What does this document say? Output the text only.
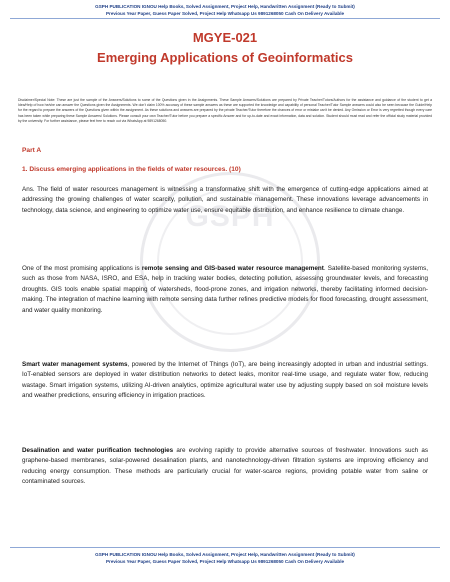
GSPH PUBLICATION IGNOU Help Books, Solved Assignment, Project Help, Handwritten Assignment (Ready to Submit)
Previous Year Paper, Guess Paper Solved, Project Help Whatsapp Us 9891268050 Cash On Delivery Available
GSPH
MGYE-021
Emerging Applications of Geoinformatics
Disclaimer/Special Note: These are just the sample of the Answers/Solutions to some of the Questions given in the Assignments. These Sample Answers/Solutions are prepared by Private Teacher/Tutors/Authors for the assistance and guidance of the student to get a Idea/Help of how he/she can answer the Questions given the Assignments. We don't claim 100% accuracy of these sample answers as these are supported the knowledge and capability of personal Teacher/Tutor Sample answers could also be seen because the Guide/Help for the regard to prepare the answers of the Questions given within the assignment. As these solutions and answers are prepared by the private Teacher/Tutor therefore the chances of error or mistake can't be denied. Any Omission or Error is very regretted though every care has been taken while preparing these Sample Answers/ Solutions. Please consult your own Teacher/Tutor before you prepare a specific Answer and for up-to-date and exact information, data and solution. Student should must read and refer the official study material provided by the university. For further assistance, please feel free to reach out via WhatsApp at 9891268050.
Part A
1. Discuss emerging applications in the fields of water resources. (10)
Ans. The field of water resources management is witnessing a transformative shift with the emergence of cutting-edge applications aimed at addressing the growing challenges of water scarcity, pollution, and sustainable management. These innovations leverage advancements in technology, data science, and engineering to optimize water use, ensure equitable distribution, and enhance resilience to climate change.
One of the most promising applications is remote sensing and GIS-based water resource management. Satellite-based monitoring systems, such as those from NASA, ISRO, and ESA, help in tracking water bodies, detecting pollution, assessing groundwater levels, and forecasting droughts. GIS tools enable spatial mapping of watersheds, flood-prone zones, and irrigation networks, thereby facilitating informed decision-making. The integration of machine learning with remote sensing data further refines predictive models for flood forecasting, drought assessment, and water quality monitoring.
Smart water management systems, powered by the Internet of Things (IoT), are being increasingly adopted in urban and industrial settings. IoT-enabled sensors are deployed in water distribution networks to detect leaks, monitor real-time usage, and regulate water flow, reducing wastage. Smart irrigation systems, utilizing AI-driven analytics, optimize agricultural water use by adjusting supply based on soil moisture levels and weather predictions, ensuring efficiency in irrigation practices.
Desalination and water purification technologies are evolving rapidly to provide alternative sources of freshwater. Innovations such as graphene-based membranes, solar-powered desalination plants, and nanotechnology-driven filtration systems are improving efficiency and reducing energy consumption. These methods are particularly crucial for water-scarce regions, providing potable water from saline or contaminated sources.
GSPH PUBLICATION IGNOU Help Books, Solved Assignment, Project Help, Handwritten Assignment (Ready to Submit)
Previous Year Paper, Guess Paper Solved, Project Help Whatsapp Us 9891268050 Cash On Delivery Available
